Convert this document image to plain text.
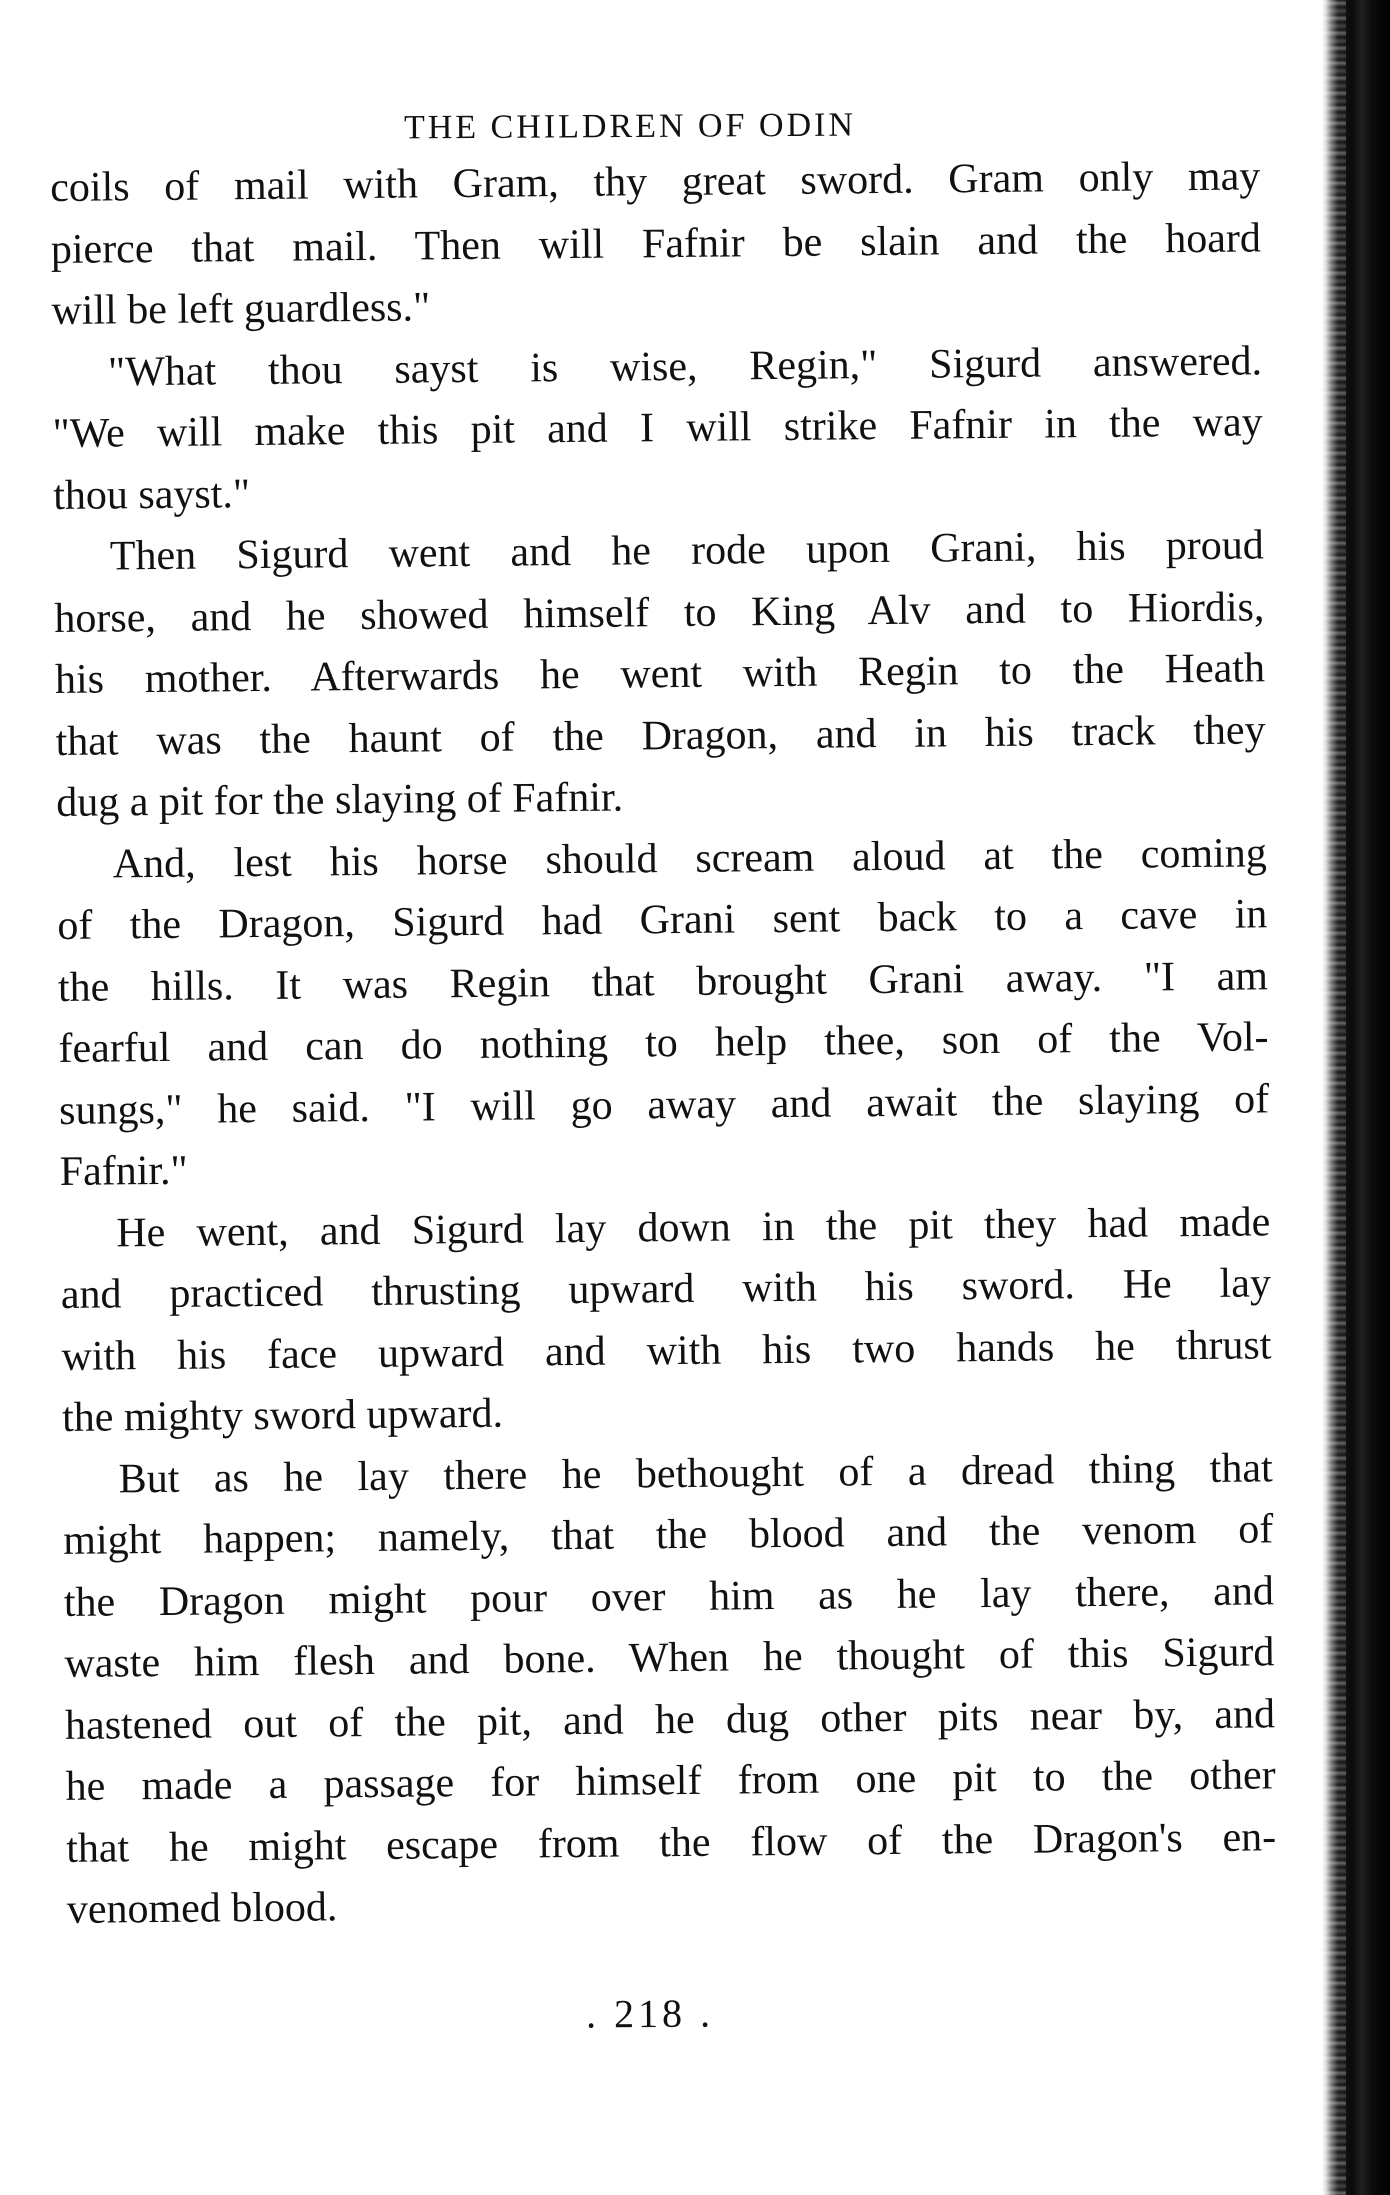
THE CHILDREN OF ODIN
coils of mail with Gram, thy great sword. Gram only may
pierce that mail. Then will Fafnir be slain and the hoard
will be left guardless."
"What thou sayst is wise, Regin," Sigurd answered.
"We will make this pit and I will strike Fafnir in the way
thou sayst."
Then Sigurd went and he rode upon Grani, his proud
horse, and he showed himself to King Alv and to Hiordis,
his mother. Afterwards he went with Regin to the Heath
that was the haunt of the Dragon, and in his track they
dug a pit for the slaying of Fafnir.
And, lest his horse should scream aloud at the coming
of the Dragon, Sigurd had Grani sent back to a cave in
the hills. It was Regin that brought Grani away. "I am
fearful and can do nothing to help thee, son of the Vol-
sungs," he said. "I will go away and await the slaying of
Fafnir."
He went, and Sigurd lay down in the pit they had made
and practiced thrusting upward with his sword. He lay
with his face upward and with his two hands he thrust
the mighty sword upward.
But as he lay there he bethought of a dread thing that
might happen; namely, that the blood and the venom of
the Dragon might pour over him as he lay there, and
waste him flesh and bone. When he thought of this Sigurd
hastened out of the pit, and he dug other pits near by, and
he made a passage for himself from one pit to the other
that he might escape from the flow of the Dragon's en-
venomed blood.
. 218 .
